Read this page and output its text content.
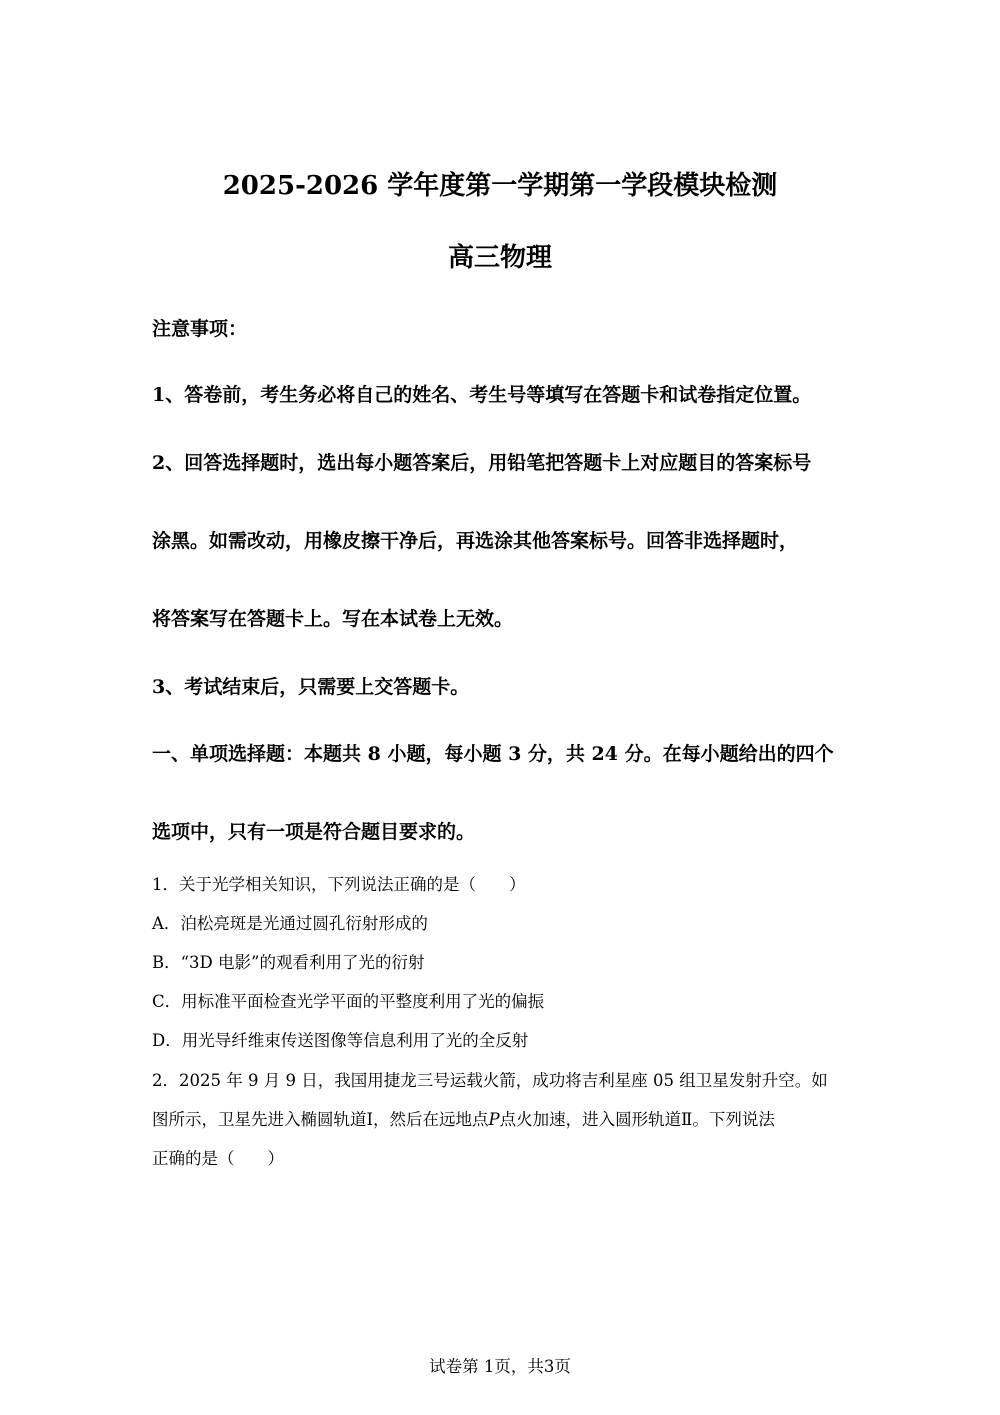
2025-2026 学年度第一学期第一学段模块检测
高三物理
注意事项：
1、答卷前，考生务必将自己的姓名、考生号等填写在答题卡和试卷指定位置。
2、回答选择题时，选出每小题答案后，用铅笔把答题卡上对应题目的答案标号
涂黑。如需改动，用橡皮擦干净后，再选涂其他答案标号。回答非选择题时，
将答案写在答题卡上。写在本试卷上无效。
3、考试结束后，只需要上交答题卡。
一、单项选择题：本题共 8 小题，每小题 3 分，共 24 分。在每小题给出的四个
选项中，只有一项是符合题目要求的。
1．关于光学相关知识，下列说法正确的是（　　）
A．泊松亮斑是光通过圆孔衍射形成的
B．“3D 电影”的观看利用了光的衍射
C．用标准平面检查光学平面的平整度利用了光的偏振
D．用光导纤维束传送图像等信息利用了光的全反射
2．2025 年 9 月 9 日，我国用捷龙三号运载火箭，成功将吉利星座 05 组卫星发射升空。如
图所示，卫星先进入椭圆轨道Ⅰ，然后在远地点P点火加速，进入圆形轨道Ⅱ。下列说法
正确的是（　　）
试卷第 1页，共3页
